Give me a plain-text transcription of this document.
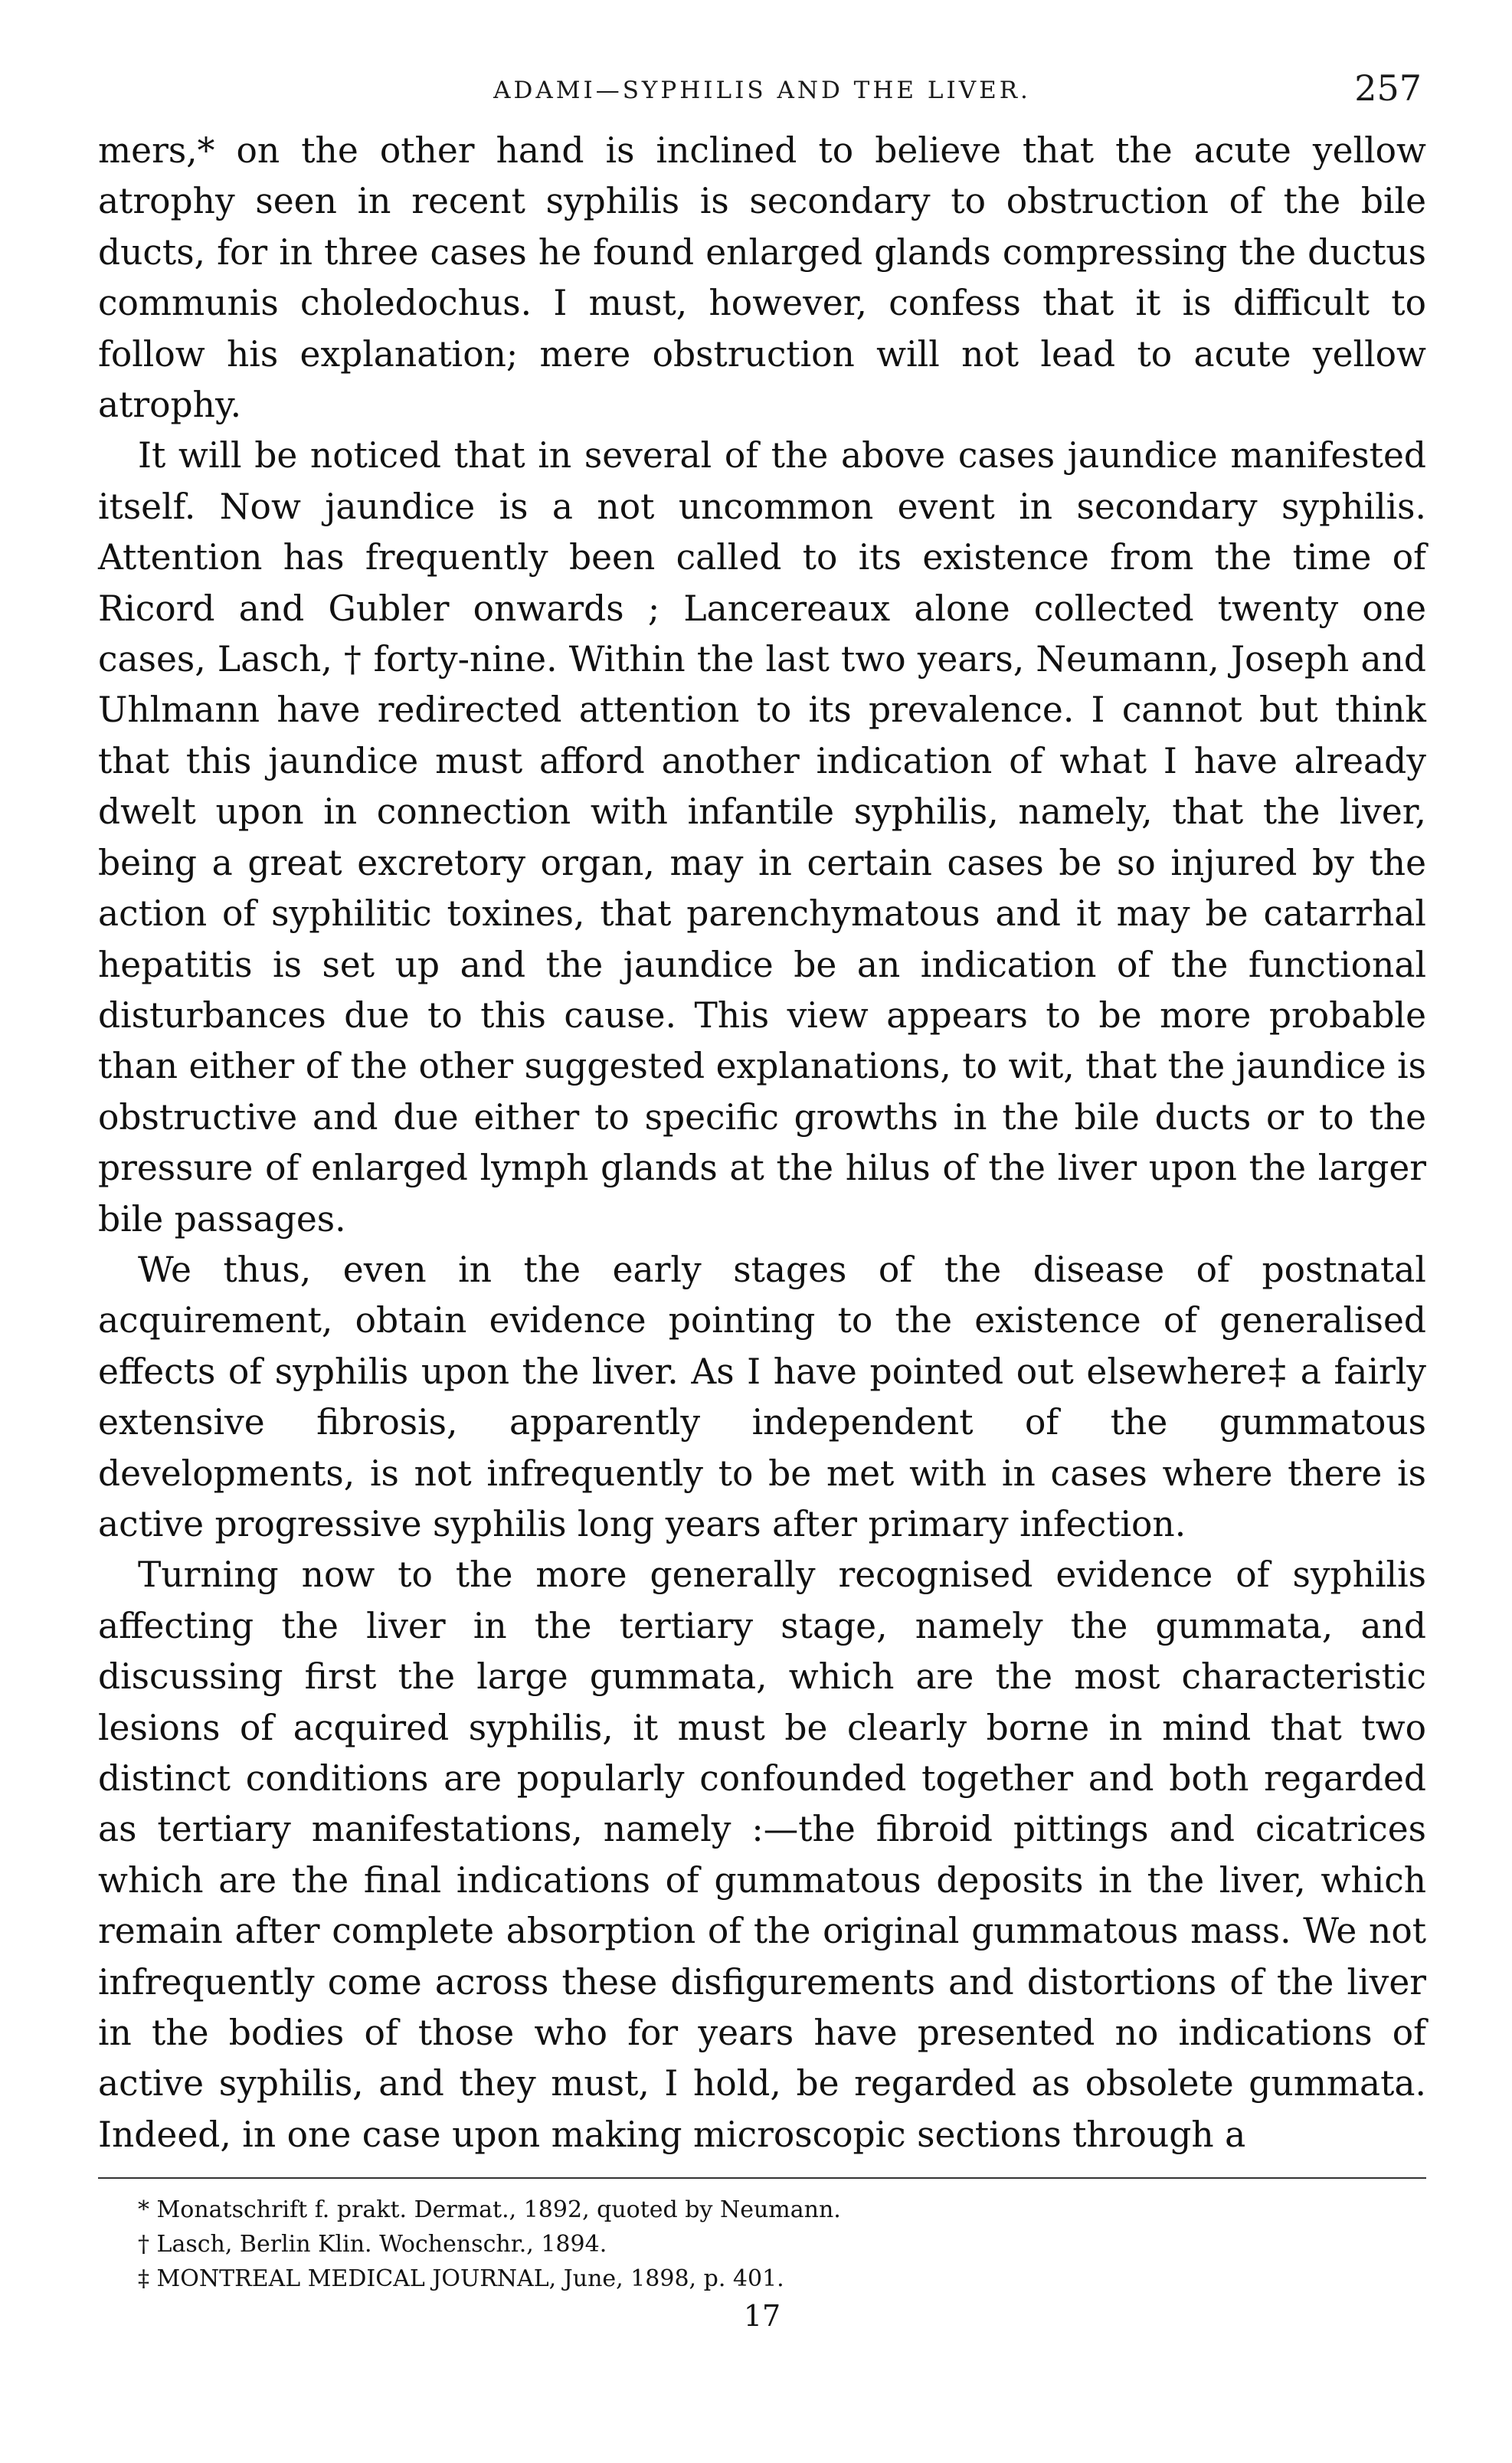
ADAMI—SYPHILIS AND THE LIVER.	257

mers,* on the other hand is inclined to believe that the acute yellow atrophy seen in recent syphilis is secondary to obstruction of the bile ducts, for in three cases he found enlarged glands compressing the ductus communis choledochus. I must, however, confess that it is difficult to follow his explanation; mere obstruction will not lead to acute yellow atrophy.

It will be noticed that in several of the above cases jaundice manifested itself. Now jaundice is a not uncommon event in secondary syphilis. Attention has frequently been called to its existence from the time of Ricord and Gubler onwards ; Lancereaux alone collected twenty one cases, Lasch, † forty-nine. Within the last two years, Neumann, Joseph and Uhlmann have redirected attention to its prevalence. I cannot but think that this jaundice must afford another indication of what I have already dwelt upon in connection with infantile syphilis, namely, that the liver, being a great excretory organ, may in certain cases be so injured by the action of syphilitic toxines, that parenchymatous and it may be catarrhal hepatitis is set up and the jaundice be an indication of the functional disturbances due to this cause. This view appears to be more probable than either of the other suggested explanations, to wit, that the jaundice is obstructive and due either to specific growths in the bile ducts or to the pressure of enlarged lymph glands at the hilus of the liver upon the larger bile passages.

We thus, even in the early stages of the disease of postnatal acquirement, obtain evidence pointing to the existence of generalised effects of syphilis upon the liver. As I have pointed out elsewhere‡ a fairly extensive fibrosis, apparently independent of the gummatous developments, is not infrequently to be met with in cases where there is active progressive syphilis long years after primary infection.

Turning now to the more generally recognised evidence of syphilis affecting the liver in the tertiary stage, namely the gummata, and discussing first the large gummata, which are the most characteristic lesions of acquired syphilis, it must be clearly borne in mind that two distinct conditions are popularly confounded together and both regarded as tertiary manifestations, namely :—the fibroid pittings and cicatrices which are the final indications of gummatous deposits in the liver, which remain after complete absorption of the original gummatous mass. We not infrequently come across these disfigurements and distortions of the liver in the bodies of those who for years have presented no indications of active syphilis, and they must, I hold, be regarded as obsolete gummata. Indeed, in one case upon making microscopic sections through a

* Monatschrift f. prakt. Dermat., 1892, quoted by Neumann.
† Lasch, Berlin Klin. Wochenschr., 1894.
‡ MONTREAL MEDICAL JOURNAL, June, 1898, p. 401.
17
